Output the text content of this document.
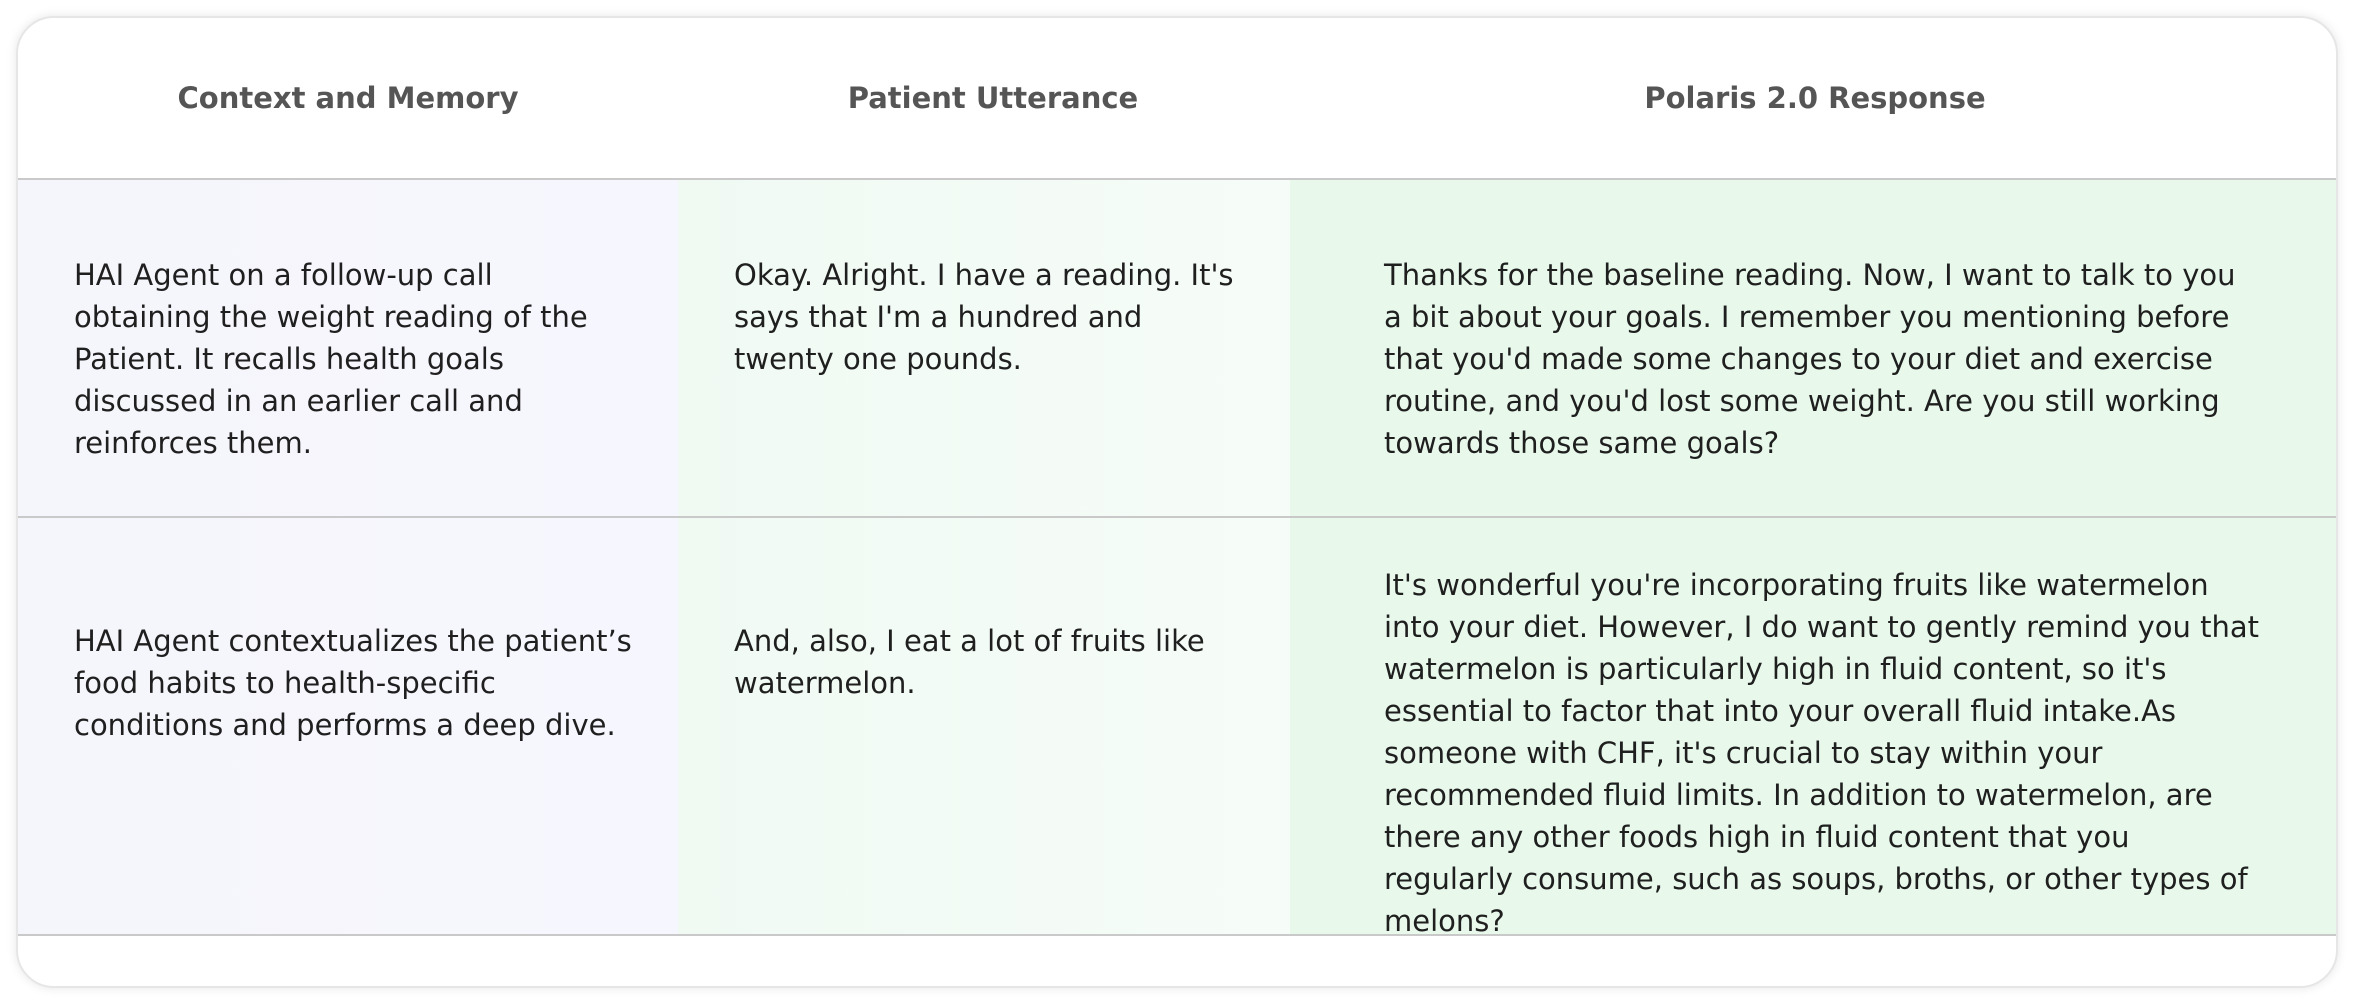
Context and Memory	Patient Utterance	Polaris 2.0 Response
HAI Agent on a follow-up call obtaining the weight reading of the Patient. It recalls health goals discussed in an earlier call and reinforces them.
Okay. Alright. I have a reading. It's says that I'm a hundred and twenty one pounds.
Thanks for the baseline reading. Now, I want to talk to you a bit about your goals. I remember you mentioning before that you'd made some changes to your diet and exercise routine, and you'd lost some weight. Are you still working towards those same goals?
HAI Agent contextualizes the patient’s food habits to health-specific conditions and performs a deep dive.
And, also, I eat a lot of fruits like watermelon.
It's wonderful you're incorporating fruits like watermelon into your diet. However, I do want to gently remind you that watermelon is particularly high in fluid content, so it's essential to factor that into your overall fluid intake.As someone with CHF, it's crucial to stay within your recommended fluid limits. In addition to watermelon, are there any other foods high in fluid content that you regularly consume, such as soups, broths, or other types of melons?
